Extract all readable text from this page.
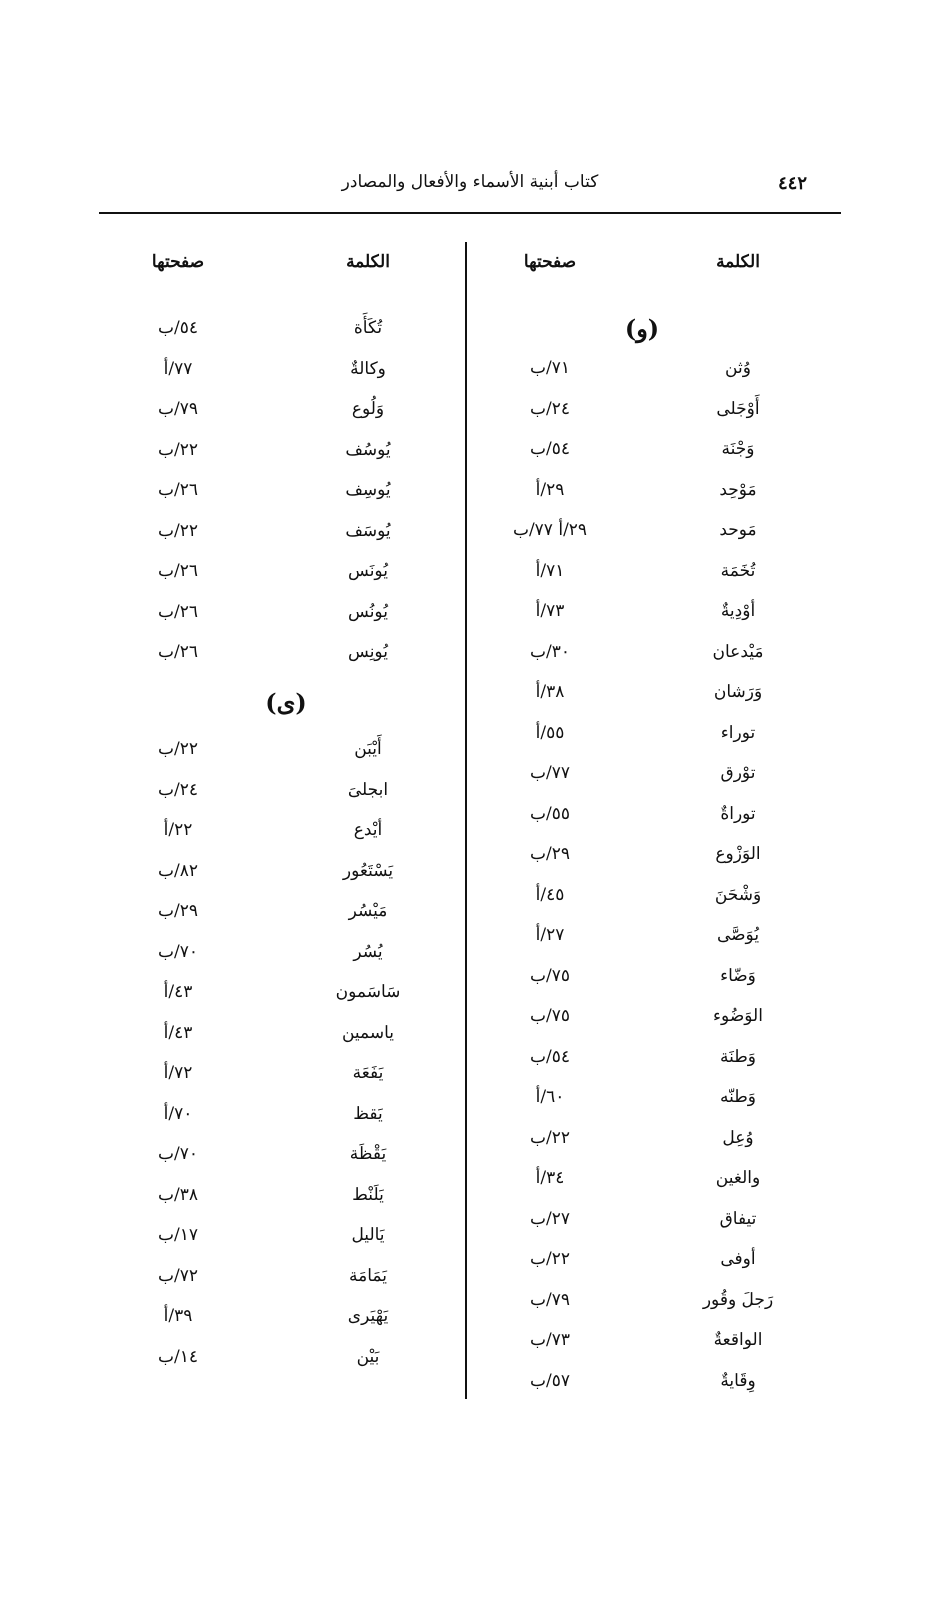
٤٤٢
كتاب أبنية الأسماء والأفعال والمصادر
الكلمة
صفحتها
الكلمة
صفحتها
(و)
(ى)
وُثن
٧١/ب
أَوْجَلى
٢٤/ب
وَجْنَة
٥٤/ب
مَوْحِد
٢٩/أ
مَوحد
٢٩/أ ٧٧/ب
تُخَمَة
٧١/أ
أوْدِيةٌ
٧٣/أ
مَيْدعان
٣٠/ب
وَرَشان
٣٨/أ
توراء
٥٥/أ
توْرق
٧٧/ب
توراةٌ
٥٥/ب
الوَزْوع
٢٩/ب
وَشْحَنَ
٤٥/أ
يُوَصَّى
٢٧/أ
وَضّاء
٧٥/ب
الوَضُوء
٧٥/ب
وَطنَة
٥٤/ب
وَطنّه
٦٠/أ
وُعِل
٢٢/ب
والغين
٣٤/أ
تيفاق
٢٧/ب
أوفى
٢٢/ب
رَجلَ وقُور
٧٩/ب
الواقعةٌ
٧٣/ب
وِقَايةٌ
٥٧/ب
تُكَأَة
٥٤/ب
وكالةٌ
٧٧/أ
وَلُوع
٧٩/ب
يُوسُف
٢٢/ب
يُوسِف
٢٦/ب
يُوسَف
٢٢/ب
يُونَس
٢٦/ب
يُونُس
٢٦/ب
يُونِس
٢٦/ب
أَيْبَن
٢٢/ب
ابجلىَ
٢٤/ب
أيْدع
٢٢/أ
يَسْتَعُور
٨٢/ب
مَيْسُر
٢٩/ب
يُسُر
٧٠/ب
سَاسَمون
٤٣/أ
ياسمين
٤٣/أ
يَفَعَة
٧٢/أ
يَقظ
٧٠/أ
يَقْظَة
٧٠/ب
يَلَنْط
٣٨/ب
يَاليل
١٧/ب
يَمَامَة
٧٢/ب
يَهْيَرى
٣٩/أ
بَيْن
١٤/ب
